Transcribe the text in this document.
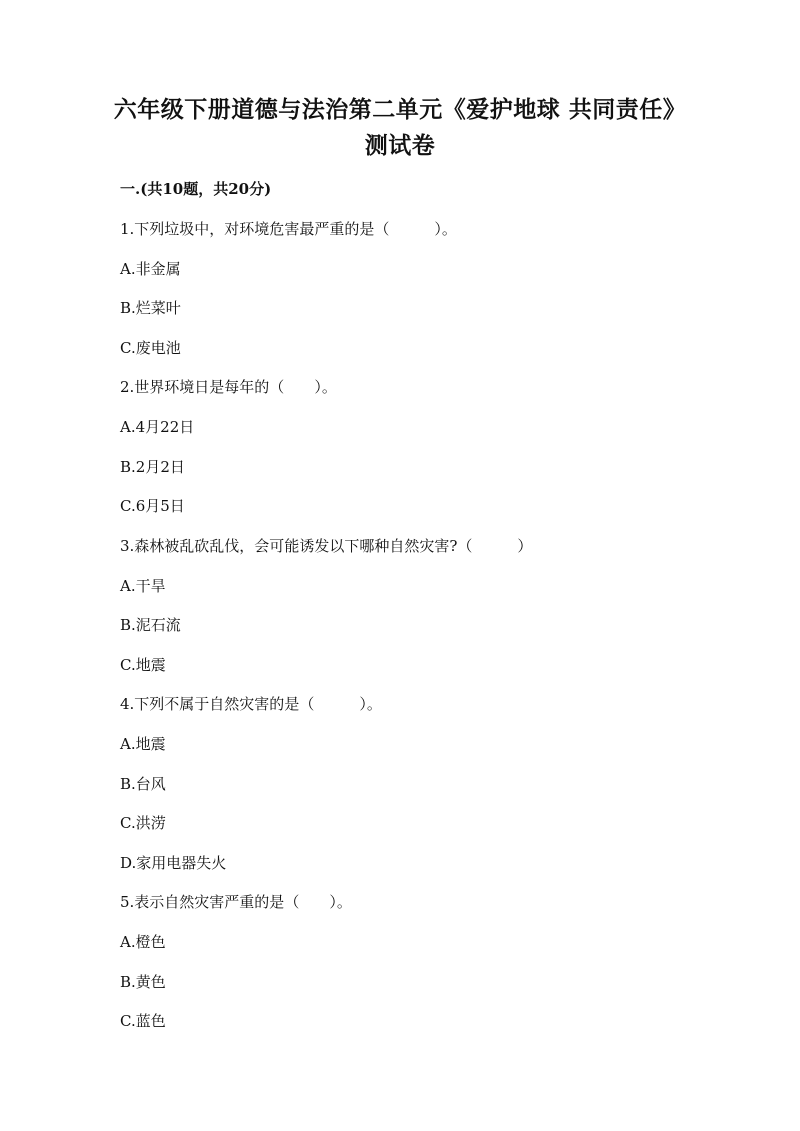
六年级下册道德与法治第二单元《爱护地球 共同责任》测试卷
一.(共10题，共20分)
1.下列垃圾中，对环境危害最严重的是（　　　）。
A.非金属
B.烂菜叶
C.废电池
2.世界环境日是每年的（　　）。
A.4月22日
B.2月2日
C.6月5日
3.森林被乱砍乱伐，会可能诱发以下哪种自然灾害?（　　　）
A.干旱
B.泥石流
C.地震
4.下列不属于自然灾害的是（　　　）。
A.地震
B.台风
C.洪涝
D.家用电器失火
5.表示自然灾害严重的是（　　）。
A.橙色
B.黄色
C.蓝色
